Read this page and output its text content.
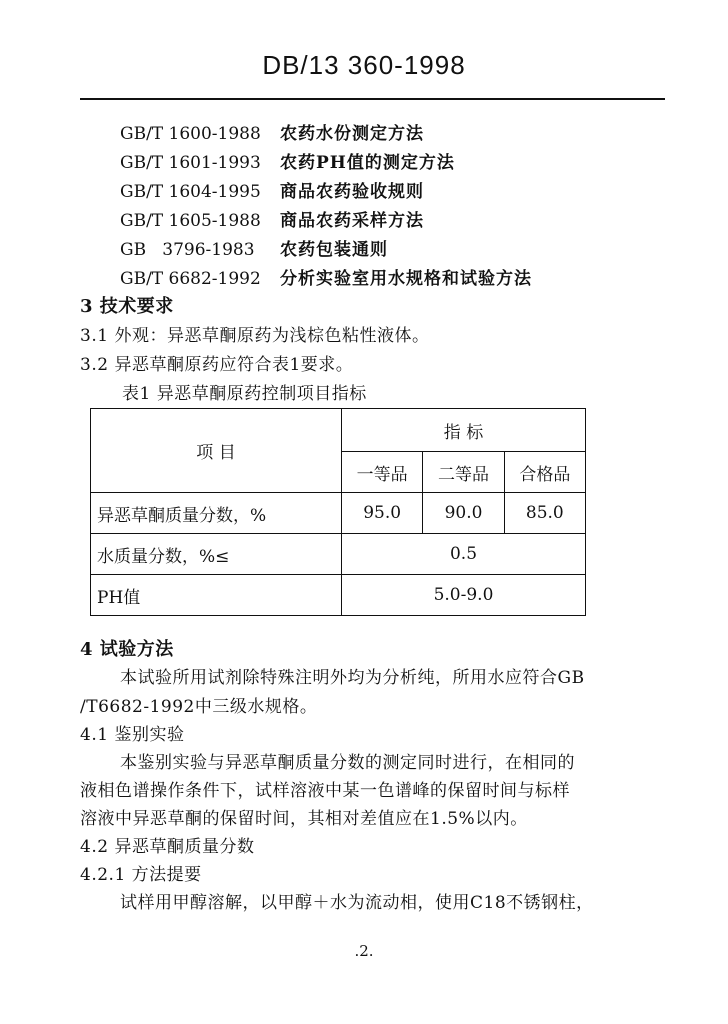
DB/13 360-1998
GB/T 1600-1988 农药水份测定方法
GB/T 1601-1993 农药PH值的测定方法
GB/T 1604-1995 商品农药验收规则
GB/T 1605-1988 商品农药采样方法
GB   3796-1983 农药包装通则
GB/T 6682-1992 分析实验室用水规格和试验方法
3 技术要求
3.1 外观：异恶草酮原药为浅棕色粘性液体。
3.2 异恶草酮原药应符合表1要求。
表1 异恶草酮原药控制项目指标
项 目	指 标		
	一等品	二等品	合格品
异恶草酮质量分数，%	95.0	90.0	85.0
水质量分数，%≤	0.5		
PH值	5.0-9.0		
4 试验方法
本试验所用试剂除特殊注明外均为分析纯，所用水应符合GB
/T6682-1992中三级水规格。
4.1 鉴别实验
本鉴别实验与异恶草酮质量分数的测定同时进行，在相同的
液相色谱操作条件下，试样溶液中某一色谱峰的保留时间与标样
溶液中异恶草酮的保留时间，其相对差值应在1.5%以内。
4.2 异恶草酮质量分数
4.2.1 方法提要
试样用甲醇溶解，以甲醇＋水为流动相，使用C18不锈钢柱，
.2.
